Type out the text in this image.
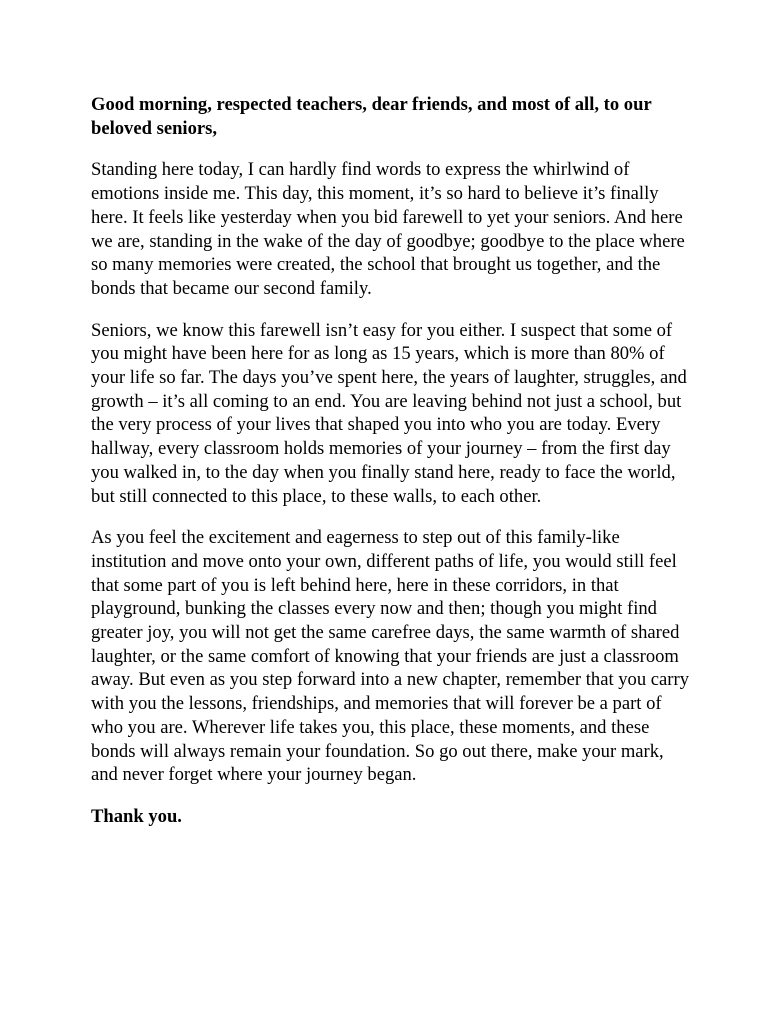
Good morning, respected teachers, dear friends, and most of all, to our beloved seniors,

Standing here today, I can hardly find words to express the whirlwind of emotions inside me. This day, this moment, it’s so hard to believe it’s finally here. It feels like yesterday when you bid farewell to yet your seniors. And here we are, standing in the wake of the day of goodbye; goodbye to the place where so many memories were created, the school that brought us together, and the bonds that became our second family.

Seniors, we know this farewell isn’t easy for you either. I suspect that some of you might have been here for as long as 15 years, which is more than 80% of your life so far. The days you’ve spent here, the years of laughter, struggles, and growth – it’s all coming to an end. You are leaving behind not just a school, but the very process of your lives that shaped you into who you are today. Every hallway, every classroom holds memories of your journey – from the first day you walked in, to the day when you finally stand here, ready to face the world, but still connected to this place, to these walls, to each other.

As you feel the excitement and eagerness to step out of this family-like institution and move onto your own, different paths of life, you would still feel that some part of you is left behind here, here in these corridors, in that playground, bunking the classes every now and then; though you might find greater joy, you will not get the same carefree days, the same warmth of shared laughter, or the same comfort of knowing that your friends are just a classroom away. But even as you step forward into a new chapter, remember that you carry with you the lessons, friendships, and memories that will forever be a part of who you are. Wherever life takes you, this place, these moments, and these bonds will always remain your foundation. So go out there, make your mark, and never forget where your journey began.

Thank you.
